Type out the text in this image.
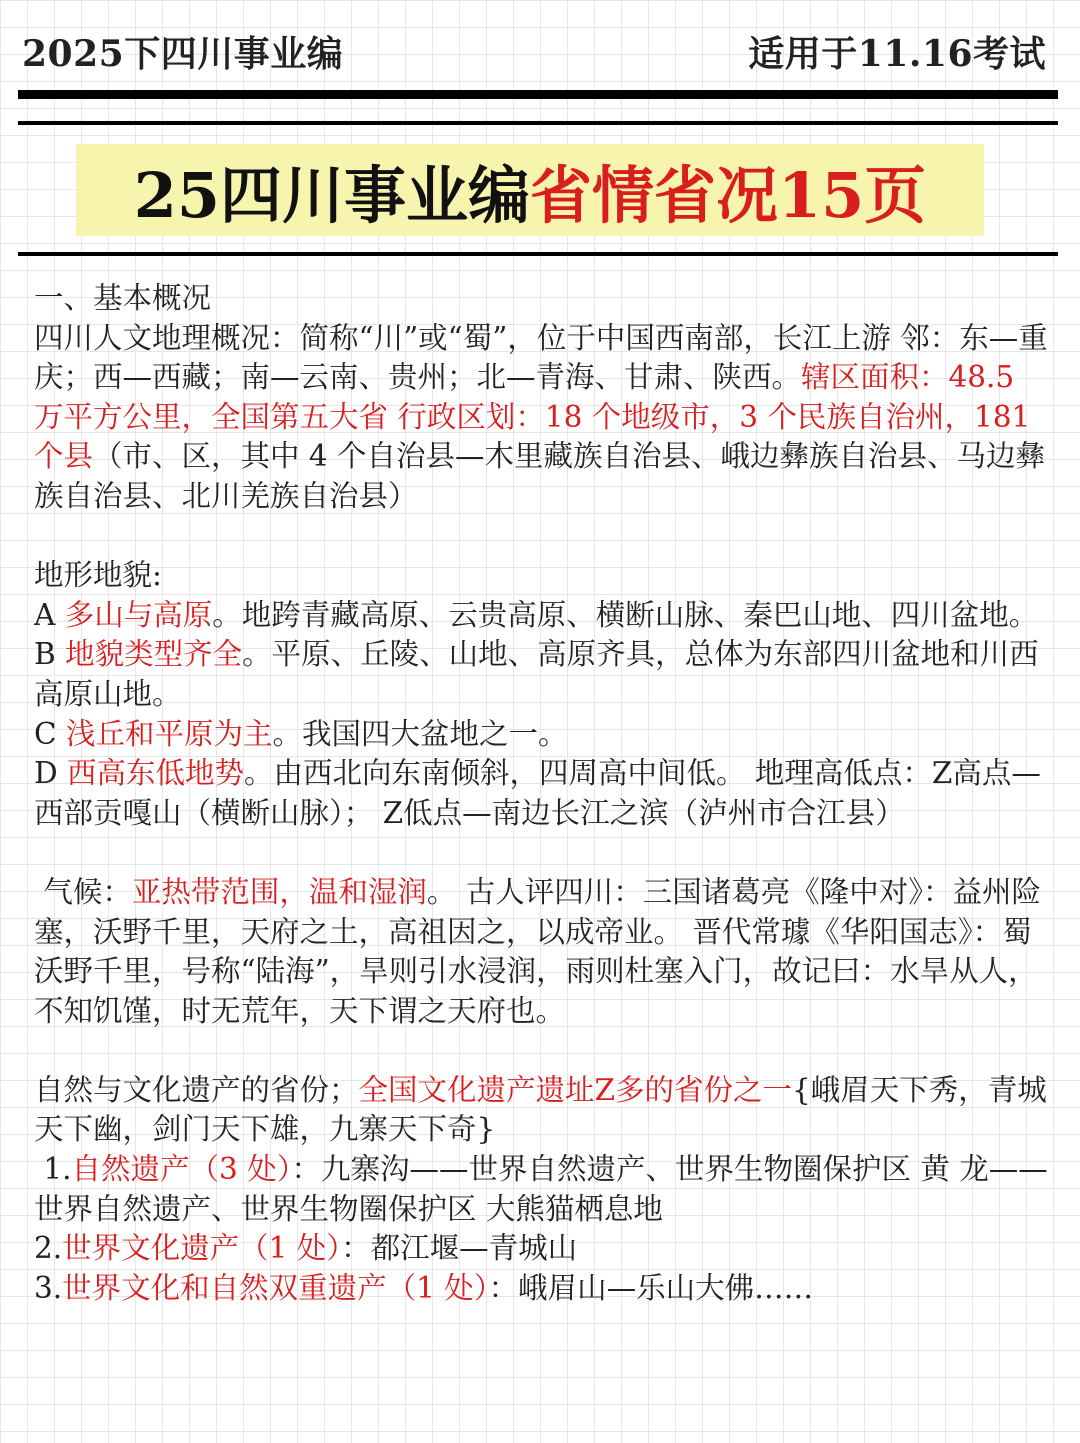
2025下四川事业编	适用于11.16考试
25四川事业编 省情省况15页

一、基本概况

四川人文地理概况：简称“川”或“蜀”，位于中国西南部，长江上游 邻：东—重庆；西—西藏；南—云南、贵州；北—青海、甘肃、陕西。辖区面积：48.5 万平方公里，全国第五大省 行政区划：18 个地级市，3 个民族自治州，181 个县（市、区，其中 4 个自治县—木里藏族自治县、峨边彝族自治县、马边彝族自治县、北川羌族自治县）

地形地貌:

A 多山与高原。地跨青藏高原、云贵高原、横断山脉、秦巴山地、四川盆地。

B 地貌类型齐全。平原、丘陵、山地、高原齐具，总体为东部四川盆地和川西高原山地。

C 浅丘和平原为主。我国四大盆地之一。

D 西高东低地势。由西北向东南倾斜，四周高中间低。 地理高低点：Z高点—西部贡嘎山（横断山脉）； Z低点—南边长江之滨（泸州市合江县）

气候：亚热带范围，温和湿润。 古人评四川：三国诸葛亮《隆中对》：益州险塞，沃野千里，天府之土，高祖因之，以成帝业。 晋代常璩《华阳国志》：蜀沃野千里，号称“陆海”，旱则引水浸润，雨则杜塞入门，故记曰：水旱从人，不知饥馑，时无荒年，天下谓之天府也。

自然与文化遗产的省份；全国文化遗产遗址Z多的省份之一{峨眉天下秀，青城天下幽，剑门天下雄，九寨天下奇}

1.自然遗产（3 处）：九寨沟——世界自然遗产、世界生物圈保护区 黄 龙——世界自然遗产、世界生物圈保护区 大熊猫栖息地

2.世界文化遗产（1 处）：都江堰—青城山

3.世界文化和自然双重遗产（1 处）：峨眉山—乐山大佛……
